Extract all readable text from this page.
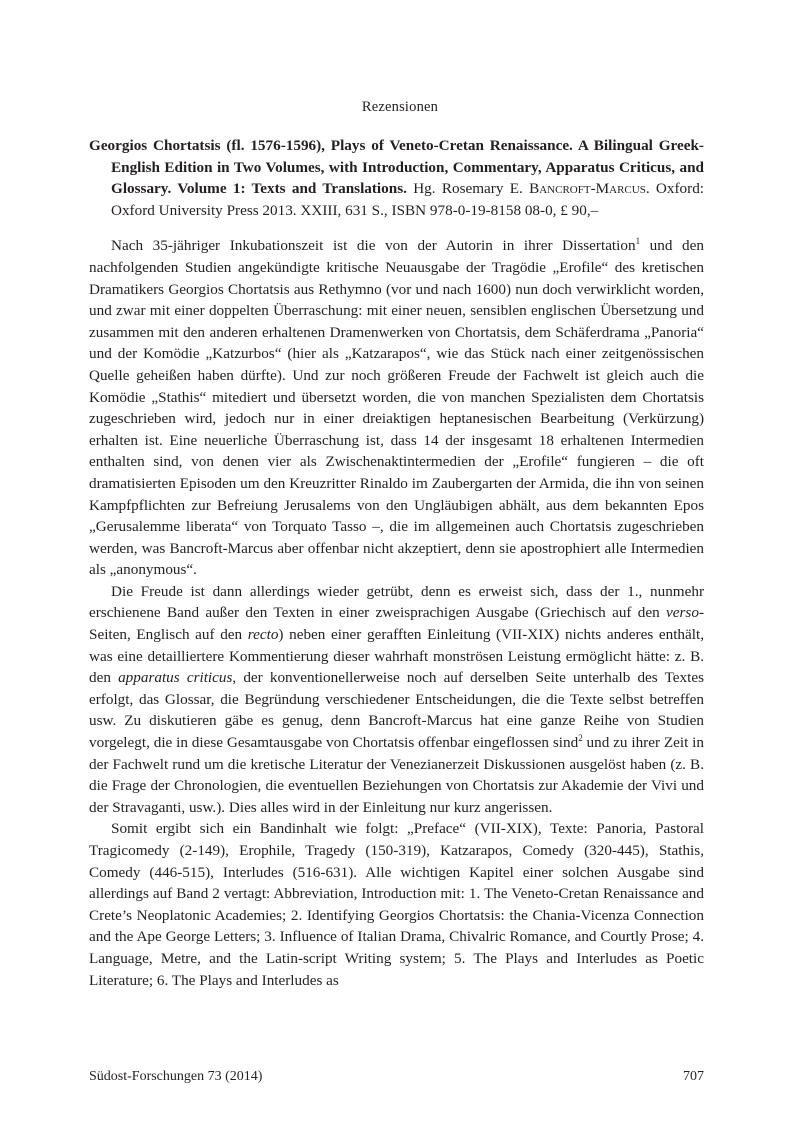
Rezensionen

Georgios Chortatsis (fl. 1576-1596), Plays of Veneto-Cretan Renaissance. A Bilingual Greek-English Edition in Two Volumes, with Introduction, Commentary, Apparatus Criticus, and Glossary. Volume 1: Texts and Translations. Hg. Rosemary E. Bancroft-Marcus. Oxford: Oxford University Press 2013. XXIII, 631 S., ISBN 978-0-19-8158 08-0, £ 90,–

Nach 35-jähriger Inkubationszeit ist die von der Autorin in ihrer Dissertation$^1$ und den nachfolgenden Studien angekündigte kritische Neuausgabe der Tragödie „Erofile“ des kretischen Dramatikers Georgios Chortatsis aus Rethymno (vor und nach 1600) nun doch verwirklicht worden, und zwar mit einer doppelten Überraschung: mit einer neuen, sensiblen englischen Übersetzung und zusammen mit den anderen erhaltenen Dramenwerken von Chortatsis, dem Schäferdrama „Panoria“ und der Komödie „Katzurbos“ (hier als „Katzarapos“, wie das Stück nach einer zeitgenössischen Quelle geheißen haben dürfte). Und zur noch größeren Freude der Fachwelt ist gleich auch die Komödie „Stathis“ mitediert und übersetzt worden, die von manchen Spezialisten dem Chortatsis zugeschrieben wird, jedoch nur in einer dreiaktigen heptanesischen Bearbeitung (Verkürzung) erhalten ist. Eine neuerliche Überraschung ist, dass 14 der insgesamt 18 erhaltenen Intermedien enthalten sind, von denen vier als Zwischenaktintermedien der „Erofile“ fungieren – die oft dramatisierten Episoden um den Kreuzritter Rinaldo im Zaubergarten der Armida, die ihn von seinen Kampfpflichten zur Befreiung Jerusalems von den Ungläubigen abhält, aus dem bekannten Epos „Gerusalemme liberata“ von Torquato Tasso –, die im allgemeinen auch Chortatsis zugeschrieben werden, was Bancroft-Marcus aber offenbar nicht akzeptiert, denn sie apostrophiert alle Intermedien als „anonymous“.

Die Freude ist dann allerdings wieder getrübt, denn es erweist sich, dass der 1., nunmehr erschienene Band außer den Texten in einer zweisprachigen Ausgabe (Griechisch auf den verso-Seiten, Englisch auf den recto) neben einer gerafften Einleitung (VII-XIX) nichts anderes enthält, was eine detailliertere Kommentierung dieser wahrhaft monströsen Leistung ermöglicht hätte: z. B. den apparatus criticus, der konventionellerweise noch auf derselben Seite unterhalb des Textes erfolgt, das Glossar, die Begründung verschiedener Entscheidungen, die die Texte selbst betreffen usw. Zu diskutieren gäbe es genug, denn Bancroft-Marcus hat eine ganze Reihe von Studien vorgelegt, die in diese Gesamtausgabe von Chortatsis offenbar eingeflossen sind$^2$ und zu ihrer Zeit in der Fachwelt rund um die kretische Literatur der Venezianerzeit Diskussionen ausgelöst haben (z. B. die Frage der Chronologien, die eventuellen Beziehungen von Chortatsis zur Akademie der Vivi und der Stravaganti, usw.). Dies alles wird in der Einleitung nur kurz angerissen.

Somit ergibt sich ein Bandinhalt wie folgt: „Preface“ (VII-XIX), Texte: Panoria, Pastoral Tragicomedy (2-149), Erophile, Tragedy (150-319), Katzarapos, Comedy (320-445), Stathis, Comedy (446-515), Interludes (516-631). Alle wichtigen Kapitel einer solchen Ausgabe sind allerdings auf Band 2 vertagt: Abbreviation, Introduction mit: 1. The Veneto-Cretan Renaissance and Crete’s Neoplatonic Academies; 2. Identifying Georgios Chortatsis: the Chania-Vicenza Connection and the Ape George Letters; 3. Influence of Italian Drama, Chivalric Romance, and Courtly Prose; 4. Language, Metre, and the Latin-script Writing system; 5. The Plays and Interludes as Poetic Literature; 6. The Plays and Interludes as

Südost-Forschungen 73 (2014)	707
